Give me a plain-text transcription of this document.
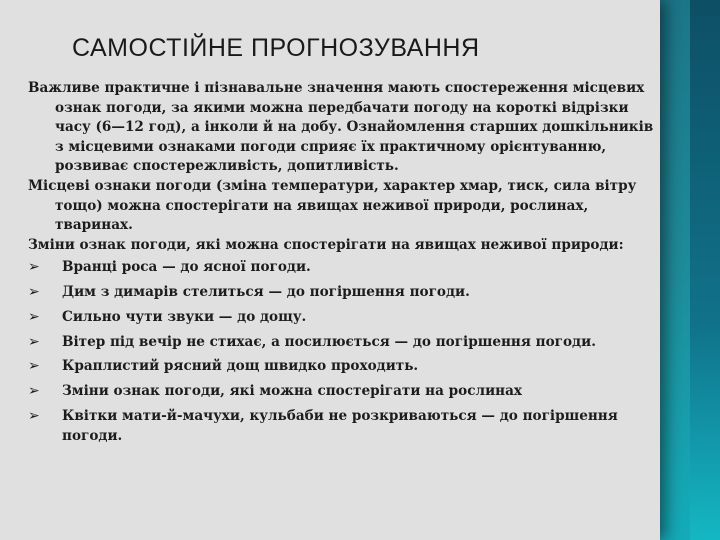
САМОСТІЙНЕ ПРОГНОЗУВАННЯ

Важливе практичне і пізнавальне значення мають спостереження місцевих ознак погоди, за якими можна передбачати погоду на короткі відрізки часу (6—12 год), а інколи й на добу. Ознайомлення старших дошкільників з місцевими ознаками погоди сприяє їх практичному орієнтуванню, розвиває спостережливість, допитливість.

Місцеві ознаки погоди (зміна температури, характер хмар, тиск, сила вітру тощо) можна спостерігати на явищах неживої природи, рослинах, тваринах.

Зміни ознак погоди, які можна спостерігати на явищах неживої природи:

➢	Вранці роса — до ясної погоди.

➢	Дим з димарів стелиться — до погіршення погоди.

➢	Сильно чути звуки — до дощу.

➢	Вітер під вечір не стихає, а посилюється — до погіршення погоди.

➢	Краплистий рясний дощ швидко проходить.

➢	Зміни ознак погоди, які можна спостерігати на рослинах

➢	Квітки мати-й-мачухи, кульбаби не розкриваються — до погіршення погоди.
